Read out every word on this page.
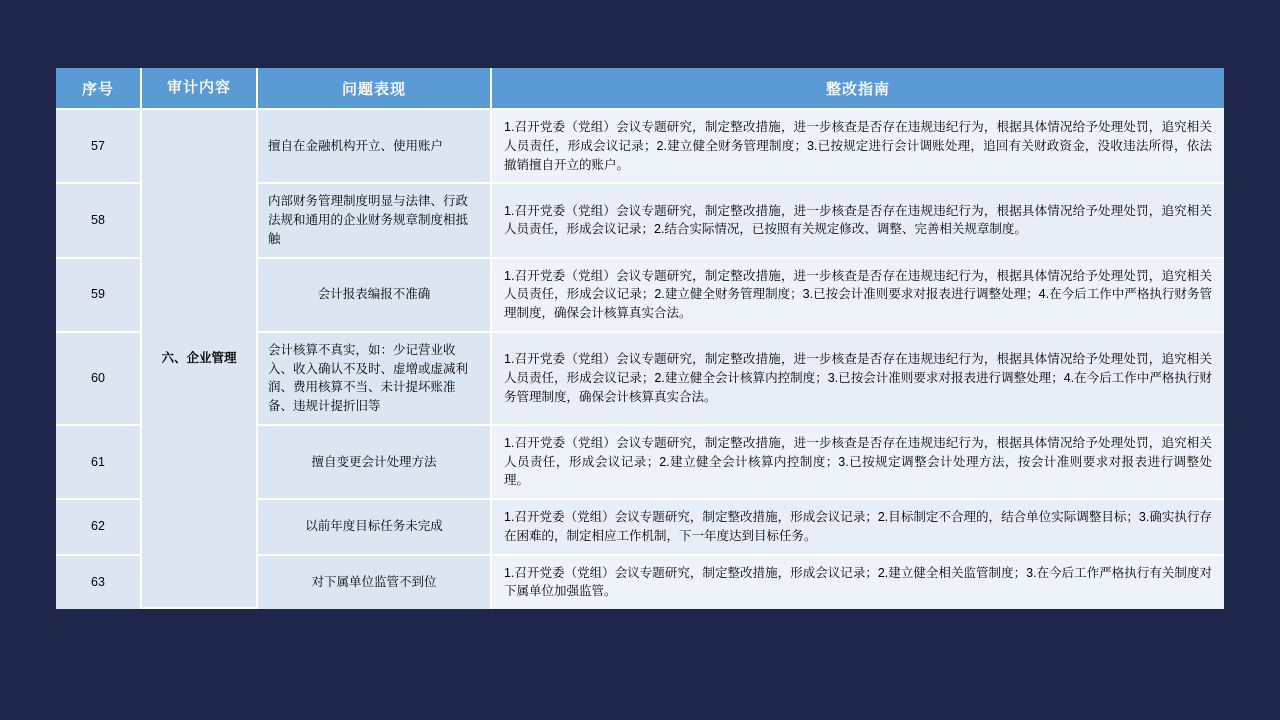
序号	审计内容	问题表现	整改指南
57	六、企业管理	擅自在金融机构开立、使用账户	1.召开党委（党组）会议专题研究，制定整改措施，进一步核查是否存在违规违纪行为，根据具体情况给予处理处罚，追究相关人员责任，形成会议记录；2.建立健全财务管理制度；3.已按规定进行会计调账处理，追回有关财政资金，没收违法所得，依法撤销擅自开立的账户。
58		内部财务管理制度明显与法律、行政法规和通用的企业财务规章制度相抵触	1.召开党委（党组）会议专题研究，制定整改措施，进一步核查是否存在违规违纪行为，根据具体情况给予处理处罚，追究相关人员责任，形成会议记录；2.结合实际情况，已按照有关规定修改、调整、完善相关规章制度。
59		会计报表编报不准确	1.召开党委（党组）会议专题研究，制定整改措施，进一步核查是否存在违规违纪行为，根据具体情况给予处理处罚，追究相关人员责任，形成会议记录；2.建立健全财务管理制度；3.已按会计准则要求对报表进行调整处理；4.在今后工作中严格执行财务管理制度，确保会计核算真实合法。
60		会计核算不真实，如：少记营业收入、收入确认不及时、虚增或虚减利润、费用核算不当、未计提坏账准备、违规计提折旧等	1.召开党委（党组）会议专题研究，制定整改措施，进一步核查是否存在违规违纪行为，根据具体情况给予处理处罚，追究相关人员责任，形成会议记录；2.建立健全会计核算内控制度；3.已按会计准则要求对报表进行调整处理；4.在今后工作中严格执行财务管理制度，确保会计核算真实合法。
61		擅自变更会计处理方法	1.召开党委（党组）会议专题研究，制定整改措施，进一步核查是否存在违规违纪行为，根据具体情况给予处理处罚，追究相关人员责任，形成会议记录；2.建立健全会计核算内控制度；3.已按规定调整会计处理方法，按会计准则要求对报表进行调整处理。
62		以前年度目标任务未完成	1.召开党委（党组）会议专题研究，制定整改措施，形成会议记录；2.目标制定不合理的，结合单位实际调整目标；3.确实执行存在困难的，制定相应工作机制，下一年度达到目标任务。
63		对下属单位监管不到位	1.召开党委（党组）会议专题研究，制定整改措施，形成会议记录；2.建立健全相关监管制度；3.在今后工作严格执行有关制度对下属单位加强监管。
